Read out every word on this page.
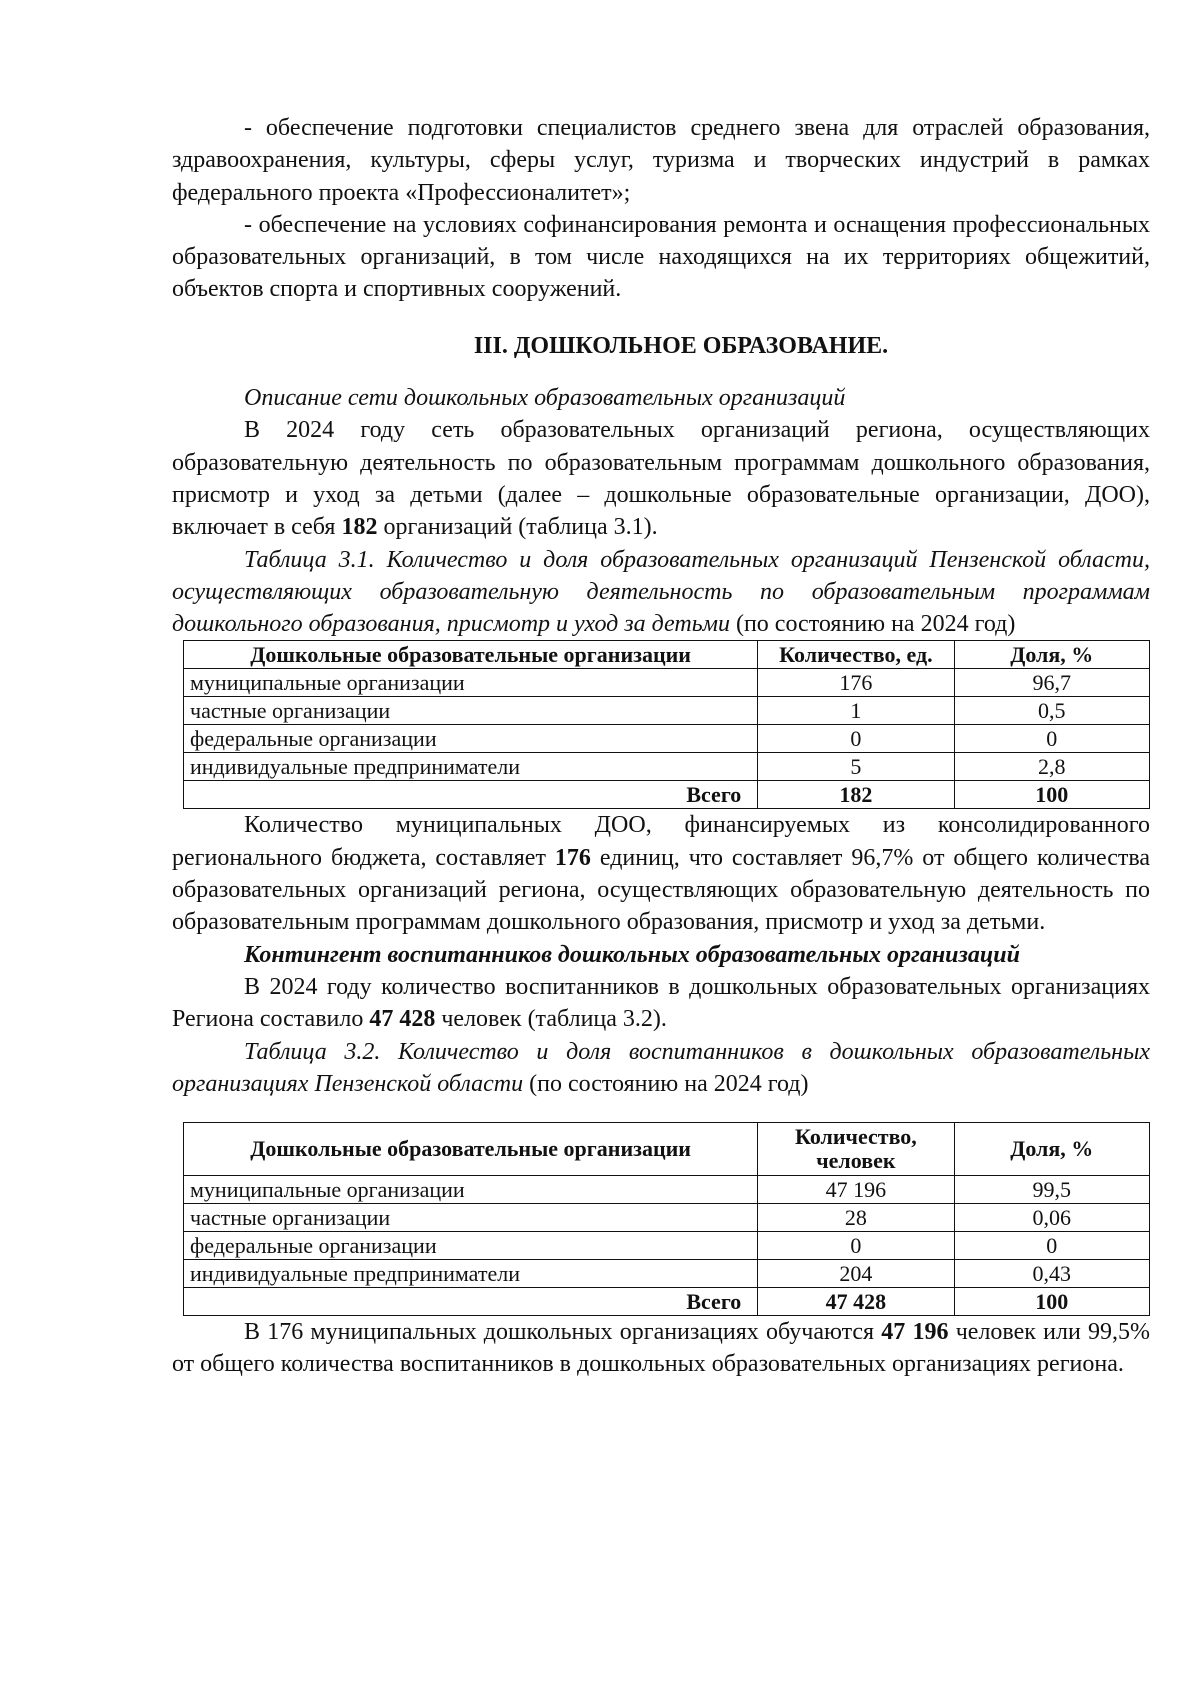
- обеспечение подготовки специалистов среднего звена для отраслей образования, здравоохранения, культуры, сферы услуг, туризма и творческих индустрий в рамках федерального проекта «Профессионалитет»;

- обеспечение на условиях софинансирования ремонта и оснащения профессиональных образовательных организаций, в том числе находящихся на их территориях общежитий, объектов спорта и спортивных сооружений.

III. ДОШКОЛЬНОЕ ОБРАЗОВАНИЕ.

Описание сети дошкольных образовательных организаций

В 2024 году сеть образовательных организаций региона, осуществляющих образовательную деятельность по образовательным программам дошкольного образования, присмотр и уход за детьми (далее – дошкольные образовательные организации, ДОО), включает в себя 182 организаций (таблица 3.1).

Таблица 3.1. Количество и доля образовательных организаций Пензенской области, осуществляющих образовательную деятельность по образовательным программам дошкольного образования, присмотр и уход за детьми (по состоянию на 2024 год)

Дошкольные образовательные организации	Количество, ед.	Доля, %
муниципальные организации	176	96,7
частные организации	1	0,5
федеральные организации	0	0
индивидуальные предприниматели	5	2,8
Всего	182	100

Количество муниципальных ДОО, финансируемых из консолидированного регионального бюджета, составляет 176 единиц, что составляет 96,7% от общего количества образовательных организаций региона, осуществляющих образовательную деятельность по образовательным программам дошкольного образования, присмотр и уход за детьми.

Контингент воспитанников дошкольных образовательных организаций

В 2024 году количество воспитанников в дошкольных образовательных организациях Региона составило 47 428 человек (таблица 3.2).

Таблица 3.2. Количество и доля воспитанников в дошкольных образовательных организациях Пензенской области (по состоянию на 2024 год)

Дошкольные образовательные организации	Количество, человек	Доля, %
муниципальные организации	47 196	99,5
частные организации	28	0,06
федеральные организации	0	0
индивидуальные предприниматели	204	0,43
Всего	47 428	100

В 176 муниципальных дошкольных организациях обучаются 47 196 человек или 99,5% от общего количества воспитанников в дошкольных образовательных организациях региона.
